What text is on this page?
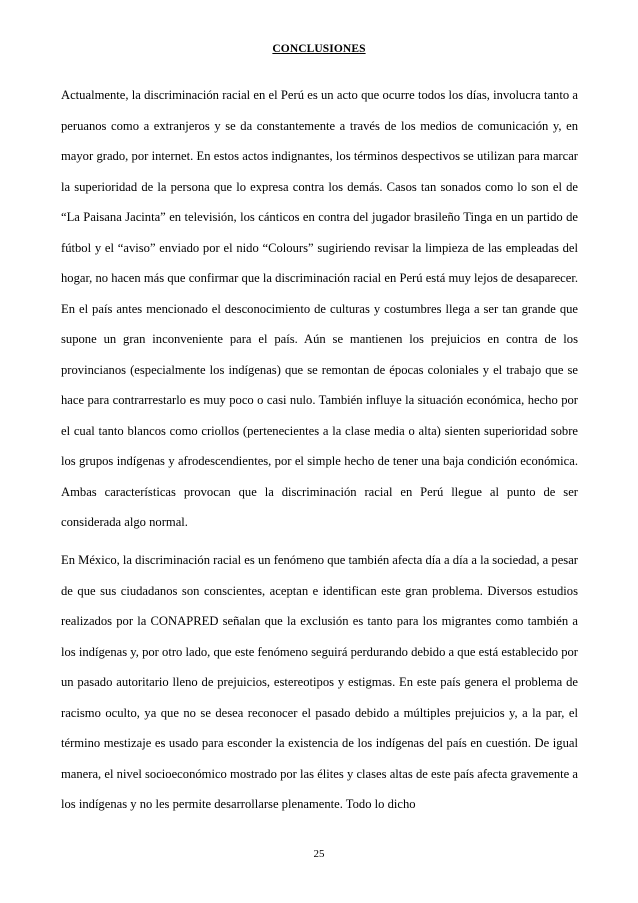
CONCLUSIONES

Actualmente, la discriminación racial en el Perú es un acto que ocurre todos los días, involucra tanto a peruanos como a extranjeros y se da constantemente a través de los medios de comunicación y, en mayor grado, por internet. En estos actos indignantes, los términos despectivos se utilizan para marcar la superioridad de la persona que lo expresa contra los demás. Casos tan sonados como lo son el de “La Paisana Jacinta” en televisión, los cánticos en contra del jugador brasileño Tinga en un partido de fútbol y el “aviso” enviado por el nido “Colours” sugiriendo revisar la limpieza de las empleadas del hogar, no hacen más que confirmar que la discriminación racial en Perú está muy lejos de desaparecer. En el país antes mencionado el desconocimiento de culturas y costumbres llega a ser tan grande que supone un gran inconveniente para el país. Aún se mantienen los prejuicios en contra de los provincianos (especialmente los indígenas) que se remontan de épocas coloniales y el trabajo que se hace para contrarrestarlo es muy poco o casi nulo. También influye la situación económica, hecho por el cual tanto blancos como criollos (pertenecientes a la clase media o alta) sienten superioridad sobre los grupos indígenas y afrodescendientes, por el simple hecho de tener una baja condición económica. Ambas características provocan que la discriminación racial en Perú llegue al punto de ser considerada algo normal.

En México, la discriminación racial es un fenómeno que también afecta día a día a la sociedad, a pesar de que sus ciudadanos son conscientes, aceptan e identifican este gran problema. Diversos estudios realizados por la CONAPRED señalan que la exclusión es tanto para los migrantes como también a los indígenas y, por otro lado, que este fenómeno seguirá perdurando debido a que está establecido por un pasado autoritario lleno de prejuicios, estereotipos y estigmas. En este país genera el problema de racismo oculto, ya que no se desea reconocer el pasado debido a múltiples prejuicios y, a la par, el término mestizaje es usado para esconder la existencia de los indígenas del país en cuestión. De igual manera, el nivel socioeconómico mostrado por las élites y clases altas de este país afecta gravemente a los indígenas y no les permite desarrollarse plenamente. Todo lo dicho

25
